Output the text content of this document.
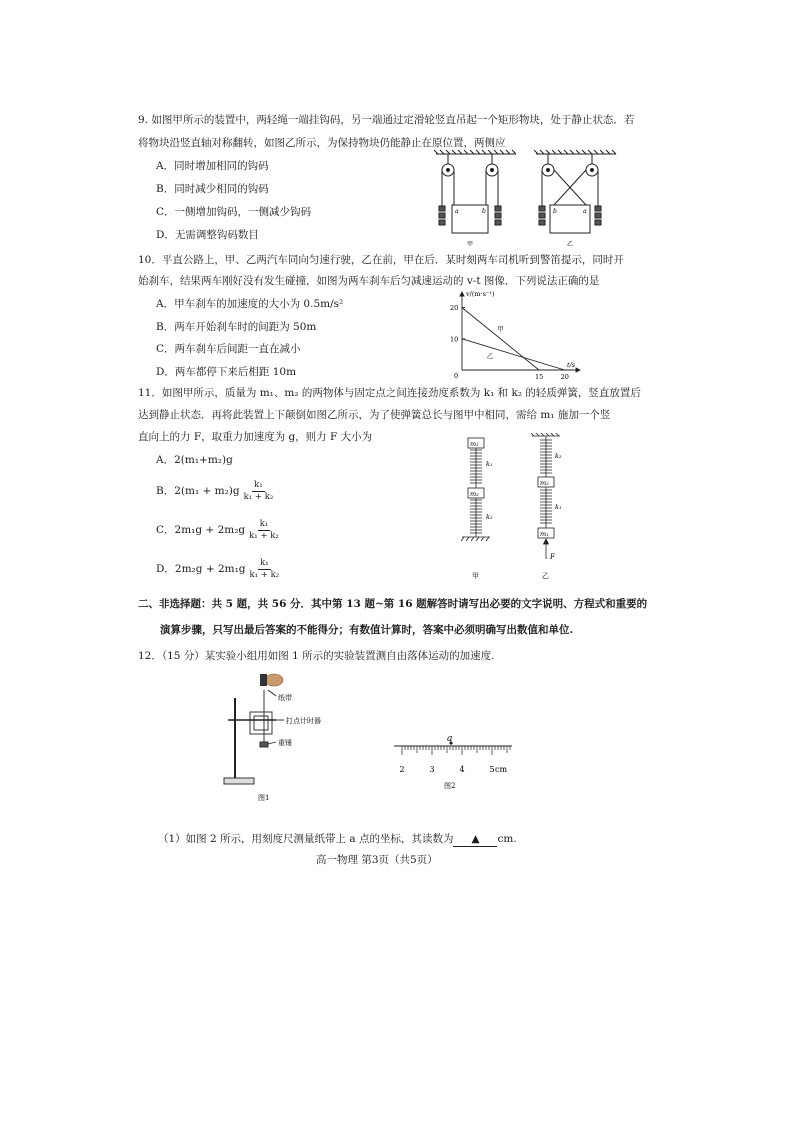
9. 如图甲所示的装置中，两轻绳一端挂钩码，另一端通过定滑轮竖直吊起一个矩形物块，处于静止状态．若
将物块沿竖直轴对称翻转，如图乙所示，为保持物块仍能静止在原位置，两侧应
A．同时增加相同的钩码
B．同时减少相同的钩码
C．一侧增加钩码，一侧减少钩码
D．无需调整钩码数目
a	b	b	a
甲	乙
10．平直公路上，甲、乙两汽车同向匀速行驶，乙在前，甲在后．某时刻两车司机听到警笛提示，同时开
始刹车，结果两车刚好没有发生碰撞，如图为两车刹车后匀减速运动的 v-t 图像．下列说法正确的是
A．甲车刹车的加速度的大小为 0.5m/s²
B．两车开始刹车时的间距为 50m
C．两车刹车后间距一直在减小
D．两车都停下来后相距 10m
甲
乙
20
10
15	20
v/(m·s⁻¹)
t/s
0
11．如图甲所示，质量为 m₁、m₂ 的两物体与固定点之间连接劲度系数为 k₁ 和 k₂ 的轻质弹簧，竖直放置后
达到静止状态．再将此装置上下颠倒如图乙所示，为了使弹簧总长与图甲中相同，需给 m₁ 施加一个竖
直向上的力 F，取重力加速度为 g，则力 F 大小为
A．2(m₁+m₂)g
B．$2(m_1 + m_2)g \frac{\text{k₁}}{\text{k₁ + k₂}}$
C．$2m_1g + 2m_2g \frac{\text{k₁}}{\text{k₁ + k₂}}$
D．$2m_2g + 2m_1g \frac{\text{k₁}}{\text{k₁ + k₂}}$
m₁
k₁
m₂
k₂
k₂
m₂
k₁
m₁
F
甲	乙
二、非选择题：共 5 题，共 56 分．其中第 13 题~第 16 题解答时请写出必要的文字说明、方程式和重要的
演算步骤，只写出最后答案的不能得分；有数值计算时，答案中必须明确写出数值和单位.
12．（15 分）某实验小组用如图 1 所示的实验装置测自由落体运动的加速度.
纸带
打点计时器
重锤
图1
a
2	3	4	5 cm
图2
（1）如图 2 所示，用刻度尺测量纸带上 a 点的坐标，其读数为 ▲ cm.
高一物理 第3页（共5页）
